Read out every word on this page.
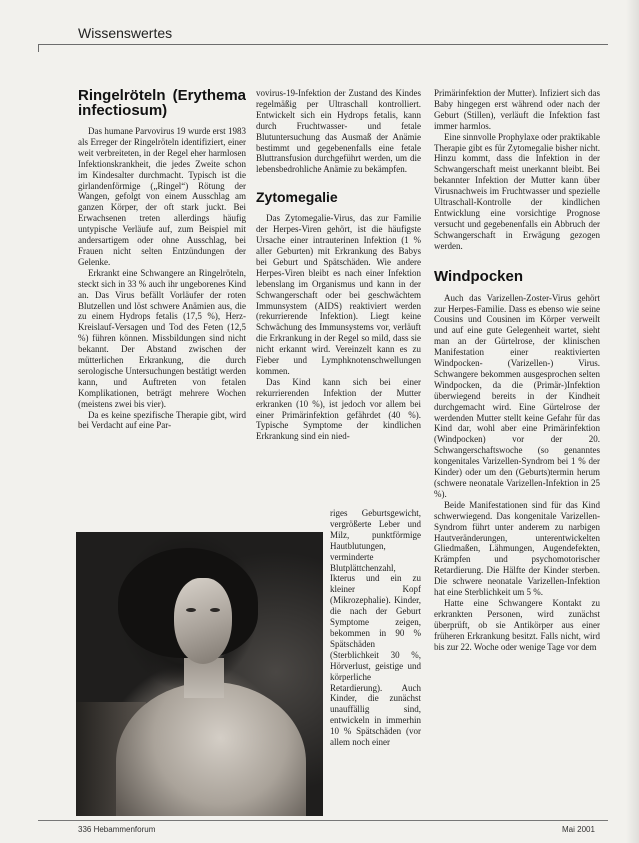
Wissenswertes
Ringelröteln (Erythema infectiosum)

Das humane Parvovirus 19 wurde erst 1983 als Erreger der Ringelröteln identifiziert, einer weit verbreiteten, in der Regel eher harmlosen Infektionskrankheit, die jedes Zweite schon im Kindesalter durchmacht. Typisch ist die girlandenförmige („Ringel“) Rötung der Wangen, gefolgt von einem Ausschlag am ganzen Körper, der oft stark juckt. Bei Erwachsenen treten allerdings häufig untypische Verläufe auf, zum Beispiel mit andersartigem oder ohne Ausschlag, bei Frauen nicht selten Entzündungen der Gelenke.

Erkrankt eine Schwangere an Ringelröteln, steckt sich in 33 % auch ihr ungeborenes Kind an. Das Virus befällt Vorläufer der roten Blutzellen und löst schwere Anämien aus, die zu einem Hydrops fetalis (17,5 %), Herz-Kreislauf-Versagen und Tod des Feten (12,5 %) führen können. Missbildungen sind nicht bekannt. Der Abstand zwischen der mütterlichen Erkrankung, die durch serologische Untersuchungen bestätigt werden kann, und Auftreten von fetalen Komplikationen, beträgt mehrere Wochen (meistens zwei bis vier).

Da es keine spezifische Therapie gibt, wird bei Verdacht auf eine Par-

vovirus-19-Infektion der Zustand des Kindes regelmäßig per Ultraschall kontrolliert. Entwickelt sich ein Hydrops fetalis, kann durch Fruchtwasser- und fetale Blutuntersuchung das Ausmaß der Anämie bestimmt und gegebenenfalls eine fetale Bluttransfusion durchgeführt werden, um die lebensbedrohliche Anämie zu bekämpfen.

Zytomegalie

Das Zytomegalie-Virus, das zur Familie der Herpes-Viren gehört, ist die häufigste Ursache einer intrauterinen Infektion (1 % aller Geburten) mit Erkrankung des Babys bei Geburt und Spätschäden. Wie andere Herpes-Viren bleibt es nach einer Infektion lebenslang im Organismus und kann in der Schwangerschaft oder bei geschwächtem Immunsystem (AIDS) reaktiviert werden (rekurrierende Infektion). Liegt keine Schwächung des Immunsystems vor, verläuft die Erkrankung in der Regel so mild, dass sie nicht erkannt wird. Vereinzelt kann es zu Fieber und Lymphknotenschwellungen kommen.

Das Kind kann sich bei einer rekurrierenden Infektion der Mutter erkranken (10 %), ist jedoch vor allem bei einer Primärinfektion gefährdet (40 %). Typische Symptome der kindlichen Erkrankung sind ein nied-

riges Geburtsgewicht, vergrößerte Leber und Milz, punktförmige Hautblutungen, verminderte Blutplättchenzahl, Ikterus und ein zu kleiner Kopf (Mikrozephalie). Kinder, die nach der Geburt Symptome zeigen, bekommen in 90 % Spätschäden (Sterblichkeit 30 %, Hörverlust, geistige und körperliche Retardierung). Auch Kinder, die zunächst unauffällig sind, entwickeln in immerhin 10 % Spätschäden (vor allem noch einer

Primärinfektion der Mutter). Infiziert sich das Baby hingegen erst während oder nach der Geburt (Stillen), verläuft die Infektion fast immer harmlos.

Eine sinnvolle Prophylaxe oder praktikable Therapie gibt es für Zytomegalie bisher nicht. Hinzu kommt, dass die Infektion in der Schwangerschaft meist unerkannt bleibt. Bei bekannter Infektion der Mutter kann über Virusnachweis im Fruchtwasser und spezielle Ultraschall-Kontrolle der kindlichen Entwicklung eine vorsichtige Prognose versucht und gegebenenfalls ein Abbruch der Schwangerschaft in Erwägung gezogen werden.

Windpocken

Auch das Varizellen-Zoster-Virus gehört zur Herpes-Familie. Dass es ebenso wie seine Cousins und Cousinen im Körper verweilt und auf eine gute Gelegenheit wartet, sieht man an der Gürtelrose, der klinischen Manifestation einer reaktivierten Windpocken- (Varizellen-) Virus. Schwangere bekommen ausgesprochen selten Windpocken, da die (Primär-)Infektion überwiegend bereits in der Kindheit durchgemacht wird. Eine Gürtelrose der werdenden Mutter stellt keine Gefahr für das Kind dar, wohl aber eine Primärinfektion (Windpocken) vor der 20. Schwangerschaftswoche (so genanntes kongenitales Varizellen-Syndrom bei 1 % der Kinder) oder um den (Geburts)termin herum (schwere neonatale Varizellen-Infektion in 25 %).

Beide Manifestationen sind für das Kind schwerwiegend. Das kongenitale Varizellen-Syndrom führt unter anderem zu narbigen Hautveränderungen, unterentwickelten Gliedmaßen, Lähmungen, Augendefekten, Krämpfen und psychomotorischer Retardierung. Die Hälfte der Kinder sterben. Die schwere neonatale Varizellen-Infektion hat eine Sterblichkeit um 5 %.

Hatte eine Schwangere Kontakt zu erkrankten Personen, wird zunächst überprüft, ob sie Antikörper aus einer früheren Erkrankung besitzt. Falls nicht, wird bis zur 22. Woche oder wenige Tage vor dem

336 Hebammenforum	Mai 2001
